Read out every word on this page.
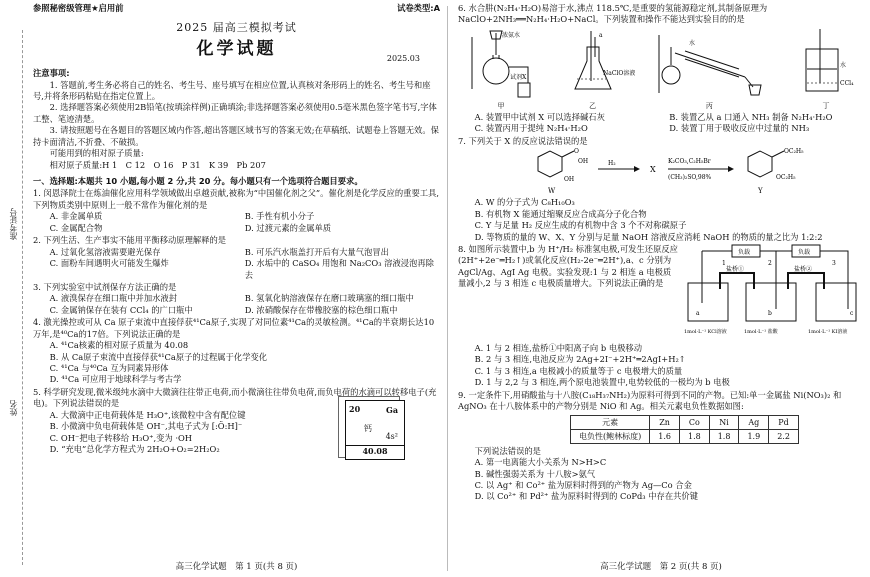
准考证号
姓名
参照秘密级管理★启用前	试卷类型:A
2025 届高三模拟考试
化学试题	2025.03
注意事项:
1. 答题前,考生务必将自己的姓名、考生号、座号填写在相应位置,认真核对条形码上的姓名、考生号和座号,并将条形码粘贴在指定位置上。
2. 选择题答案必须使用2B铅笔(按填涂样例)正确填涂;非选择题答案必须使用0.5毫米黑色签字笔书写,字体工整、笔迹清楚。
3. 请按照题号在各题目的答题区域内作答,超出答题区域书写的答案无效;在草稿纸、试题卷上答题无效。保持卡面清洁,不折叠、不破损。
可能用到的相对原子质量:
相对原子质量:H 1　C 12　O 16　P 31　K 39　Pb 207
一、选择题:本题共 10 小题,每小题 2 分,共 20 分。每小题只有一个选项符合题目要求。
1. 闵恩泽院士在炼油催化应用科学领域做出卓越贡献,被称为“中国催化剂之父”。催化剂是化学反应的重要工具,下列物质类别中原则上一般不常作为催化剂的是
A. 非金属单质	B. 手性有机小分子
C. 金属配合物	D. 过渡元素的金属单质
2. 下列生活、生产事实不能用平衡移动原理解释的是
A. 过氧化氢溶液需要避光保存	B. 可乐汽水瓶盖打开后有大量气泡冒出
C. 面粉车间遇明火可能发生爆炸	D. 水垢中的 CaSO₄ 用饱和 Na₂CO₃ 溶液浸泡再除去
3. 下列实验室中试剂保存方法正确的是
A. 液溴保存在细口瓶中并加水液封	B. 氢氧化钠溶液保存在磨口玻璃塞的细口瓶中
C. 金属钠保存在装有 CCl₄ 的广口瓶中	D. 浓硝酸保存在带橡胶塞的棕色细口瓶中
4. 激光操控或可从 Ca 原子束流中直接俘获⁴¹Ca原子,实现了对同位素⁴¹Ca的灵敏检测。⁴¹Ca的半衰期长达10万年,是⁴⁰Ca的17倍。下列说法正确的是
A. ⁴¹Ca核素的相对原子质量为 40.08
B. 从 Ca原子束流中直接俘获⁴¹Ca原子的过程属于化学变化
C. ⁴¹Ca 与⁴⁰Ca 互为同素异形体
D. ⁴¹Ca 可应用于地球科学与考古学
5. 科学研究发现,微米级纯水滴中大微滴往往带正电荷,而小微滴往往带负电荷,而负电荷的水滴可以转移电子(充电)。下列说法错误的是
A. 大微滴中正电荷载体是 H₃O⁺,该微粒中含有配位键
B. 小微滴中负电荷载体是 OH⁻,其电子式为 [:Ö:H]⁻
C. OH⁻把电子转移给 H₃O⁺,变为 ·OH
D. “充电”总化学方程式为 2H₂O+O₂=2H₂O₂
20	Ga
钙
4s²
40.08
高三化学试题　第 1 页(共 8 页)
6. 水合肼(N₂H₄·H₂O)易溶于水,沸点 118.5℃,是重要的氢能源稳定剂,其制备原理为 NaClO+2NH₃══N₂H₄·H₂O+NaCl。下列装置和操作不能达到实验目的的是
浓氨水
试剂X
甲
a
NaClO溶液
乙
水
丙
水
CCl₄
丁
A. 装置甲中试剂 X 可以选择碱石灰	B. 装置乙从 a 口通入 NH₃ 制备 N₂H₄·H₂O
C. 装置丙用于提纯 N₂H₄·H₂O	D. 装置丁用于吸收反应中过量的 NH₃
7. 下列关于 X 的反应说法错误的是
O
OH
OH
W
H₂
X
K₂CO₃,C₂H₅Br
(CH₃)₂SO,98%
OC₂H₅
OC₂H₅
Y
A. W 的分子式为 C₈H₁₀O₃
B. 有机物 X 能通过缩聚反应合成高分子化合物
C. Y 与足量 H₂ 反应生成的有机物中含 3 个不对称碳原子
D. 等物质的量的 W、X、Y 分别与足量 NaOH 溶液反应消耗 NaOH 的物质的量之比为 1:2:2
8. 如图所示装置中,b 为 H⁺/H₂ 标准氢电极,可发生还原反应(2H⁺+2e⁻═H₂↑)或氧化反应(H₂-2e⁻═2H⁺),a、c 分别为 AgCl/Ag、AgI Ag 电极。实验发现:1 与 2 相连 a 电极质量减小,2 与 3 相连 c 电极质量增大。下列说法正确的是
负载	负载
2
1	3
盐桥①	盐桥②
a	b	c
1mol·L⁻¹ KCl溶液	1mol·L⁻¹ 盐酸	1mol·L⁻¹ KI溶液
A. 1 与 2 相连,盐桥①中阳离子向 b 电极移动
B. 2 与 3 相连,电池反应为 2Ag+2I⁻+2H⁺═2AgI+H₂↑
C. 1 与 3 相连,a 电极减小的质量等于 c 电极增大的质量
D. 1 与 2,2 与 3 相连,两个原电池装置中,电势较低的一极均为 b 电极
9. 一定条件下,用硝酸盐与十八胺(C₁₈H₃₇NH₂)为原料可得到不同的产物。已知:单一金属盐 Ni(NO₃)₂ 和 AgNO₃ 在十八胺体系中的产物分别是 NiO 和 Ag。相关元素电负性数据如图:
元素	Zn	Co	Ni	Ag	Pd
电负性(鲍林标度)	1.6	1.8	1.8	1.9	2.2
下列说法错误的是
A. 第一电离能大小关系为 N>H>C
B. 碱性强弱关系为 十八胺>氨气
C. 以 Ag⁺ 和 Co²⁺ 盐为原料时得到的产物为 Ag—Co 合金
D. 以 Co²⁺ 和 Pd²⁺ 盐为原料时得到的 CoPd₃ 中存在共价键
高三化学试题　第 2 页(共 8 页)
